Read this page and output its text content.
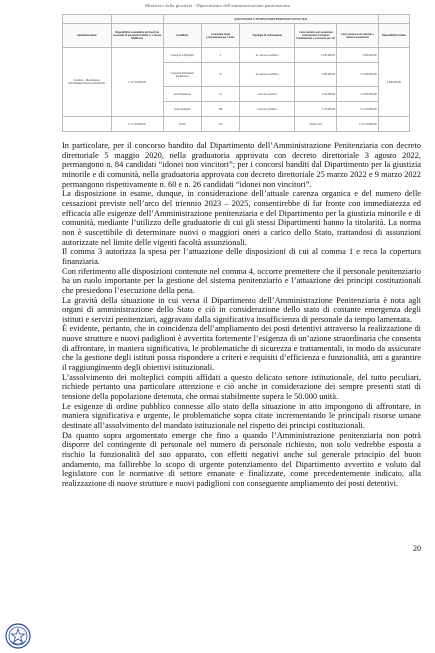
Ministero della giustizia - Dipartimento dell'amministrazione penitenziaria
		ASSUNZIONI A TEMPO INDETERMINATO ANNO 2024					
Amministrazione	Disponibilità economiche derivanti da cessazioni di personale (tabella 1) e risorse finalizzate	Qualifiche	Assunzioni totali programmate per l'anno	Tipologia di reclutamento	Costo unitario per assunzioni (trattamento economico fondamentale e accessorio per 13)	Costo totale (costo unitario x numero assunzioni)	Disponibilità residua
Giustizia - Dipartimento dell'amministrazione penitenziaria	€ 10.718.000,00	Categoria A Dirigenti	4	da concorso pubblico	€ 160.000,00	€ 640.000,00	€ 400.000,00
		Categoria B Dirigenti penitenziari	32	da concorso pubblico	€ 80.000,00	€ 2.560.000,00	
		Area Funzionari	51	concorso pubblico	€ 40.000,00	€ 2.040.000,00	
		Area Assistenti	166	concorso pubblico	€ 33.000,00	€ 5.478.000,00	
	€ 11.118.000,00	Totale	253		Totale costo	€ 10.718.000,00	

In particolare, per il concorso bandito dal Dipartimento dell’Amministrazione Penitenziaria con decreto direttoriale 5 maggio 2020, nella graduatoria approvata con decreto direttoriale 3 agosto 2022, permangono n. 84 candidati “idonei non vincitori”; per i concorsi banditi dal Dipartimento per la giustizia minorile e di comunità, nella graduatoria approvata con decreto direttoriale 25 marzo 2022 e 9 marzo 2022 permangono rispettivamente n. 60 e n. 26 candidati “idonei non vincitori”.

La disposizione in esame, dunque, in considerazione dell’attuale carenza organica e del numero delle cessazioni previste nell’arco del triennio 2023 – 2025, consentirebbe di far fronte con immediatezza ed efficacia alle esigenze dell’Amministrazione penitenziaria e del Dipartimento per la giustizia minorile e di comunità, mediante l’utilizzo delle graduatorie di cui gli stessi Dipartimenti hanno la titolarità. La norma non è suscettibile di determinare nuovi o maggiori oneri a carico dello Stato, trattandosi di assunzioni autorizzate nel limite delle vigenti facoltà assunzionali.

Il comma 3 autorizza la spesa per l’attuazione delle disposizioni di cui al comma 1 e reca la copertura finanziaria.

Con riferimento alle disposizioni contenute nel comma 4, occorre premettere che il personale penitenziario ha un ruolo importante per la gestione del sistema penitenziario e l’attuazione dei principi costituzionali che presiedono l’esecuzione della pena.

La gravità della situazione in cui versa il Dipartimento dell’Amministrazione Penitenziaria è nota agli organi di amministrazione dello Stato e ciò in considerazione dello stato di costante emergenza degli istituti e servizi penitenziari, aggravato dalla significativa insufficienza di personale da tempo lamentata.

È evidente, pertanto, che in coincidenza dell’ampliamento dei posti detentivi attraverso la realizzazione di nuove strutture e nuovi padiglioni è avvertita fortemente l’esigenza di un’azione straordinaria che consenta di affrontare, in maniera significativa, le problematiche di sicurezza e trattamentali, in modo da assicurare che la gestione degli istituti possa rispondere a criteri e requisiti d’efficienza e funzionalità, atti a garantire il raggiungimento degli obiettivi istituzionali.

L’assolvimento dei molteplici compiti affidati a questo delicato settore istituzionale, del tutto peculiari, richiede pertanto una particolare attenzione e ciò anche in considerazione dei sempre presenti stati di tensione della popolazione detenuta, che ormai stabilmente supera le 50.000 unità.

Le esigenze di ordine pubblico connesse allo stato della situazione in atto impongono di affrontare, in maniera significativa e urgente, le problematiche sopra citate incrementando le principali risorse umane destinate all’assolvimento del mandato istituzionale nel rispetto dei principi costituzionali.

Da quanto sopra argomentato emerge che fino a quando l’Amministrazione penitenziaria non potrà disporre del contingente di personale nel numero di personale richiesto, non solo vedrebbe esposta a rischio la funzionalità del suo apparato, con effetti negativi anche sul generale principio del buon andamento, ma fallirebbe lo scopo di urgente potenziamento del Dipartimento avvertito e voluto dal legislatore con le normative di settore emanate e finalizzate, come precedentemente indicato, alla realizzazione di nuove strutture e nuovi padiglioni con conseguente ampliamento dei posti detentivi.

20
